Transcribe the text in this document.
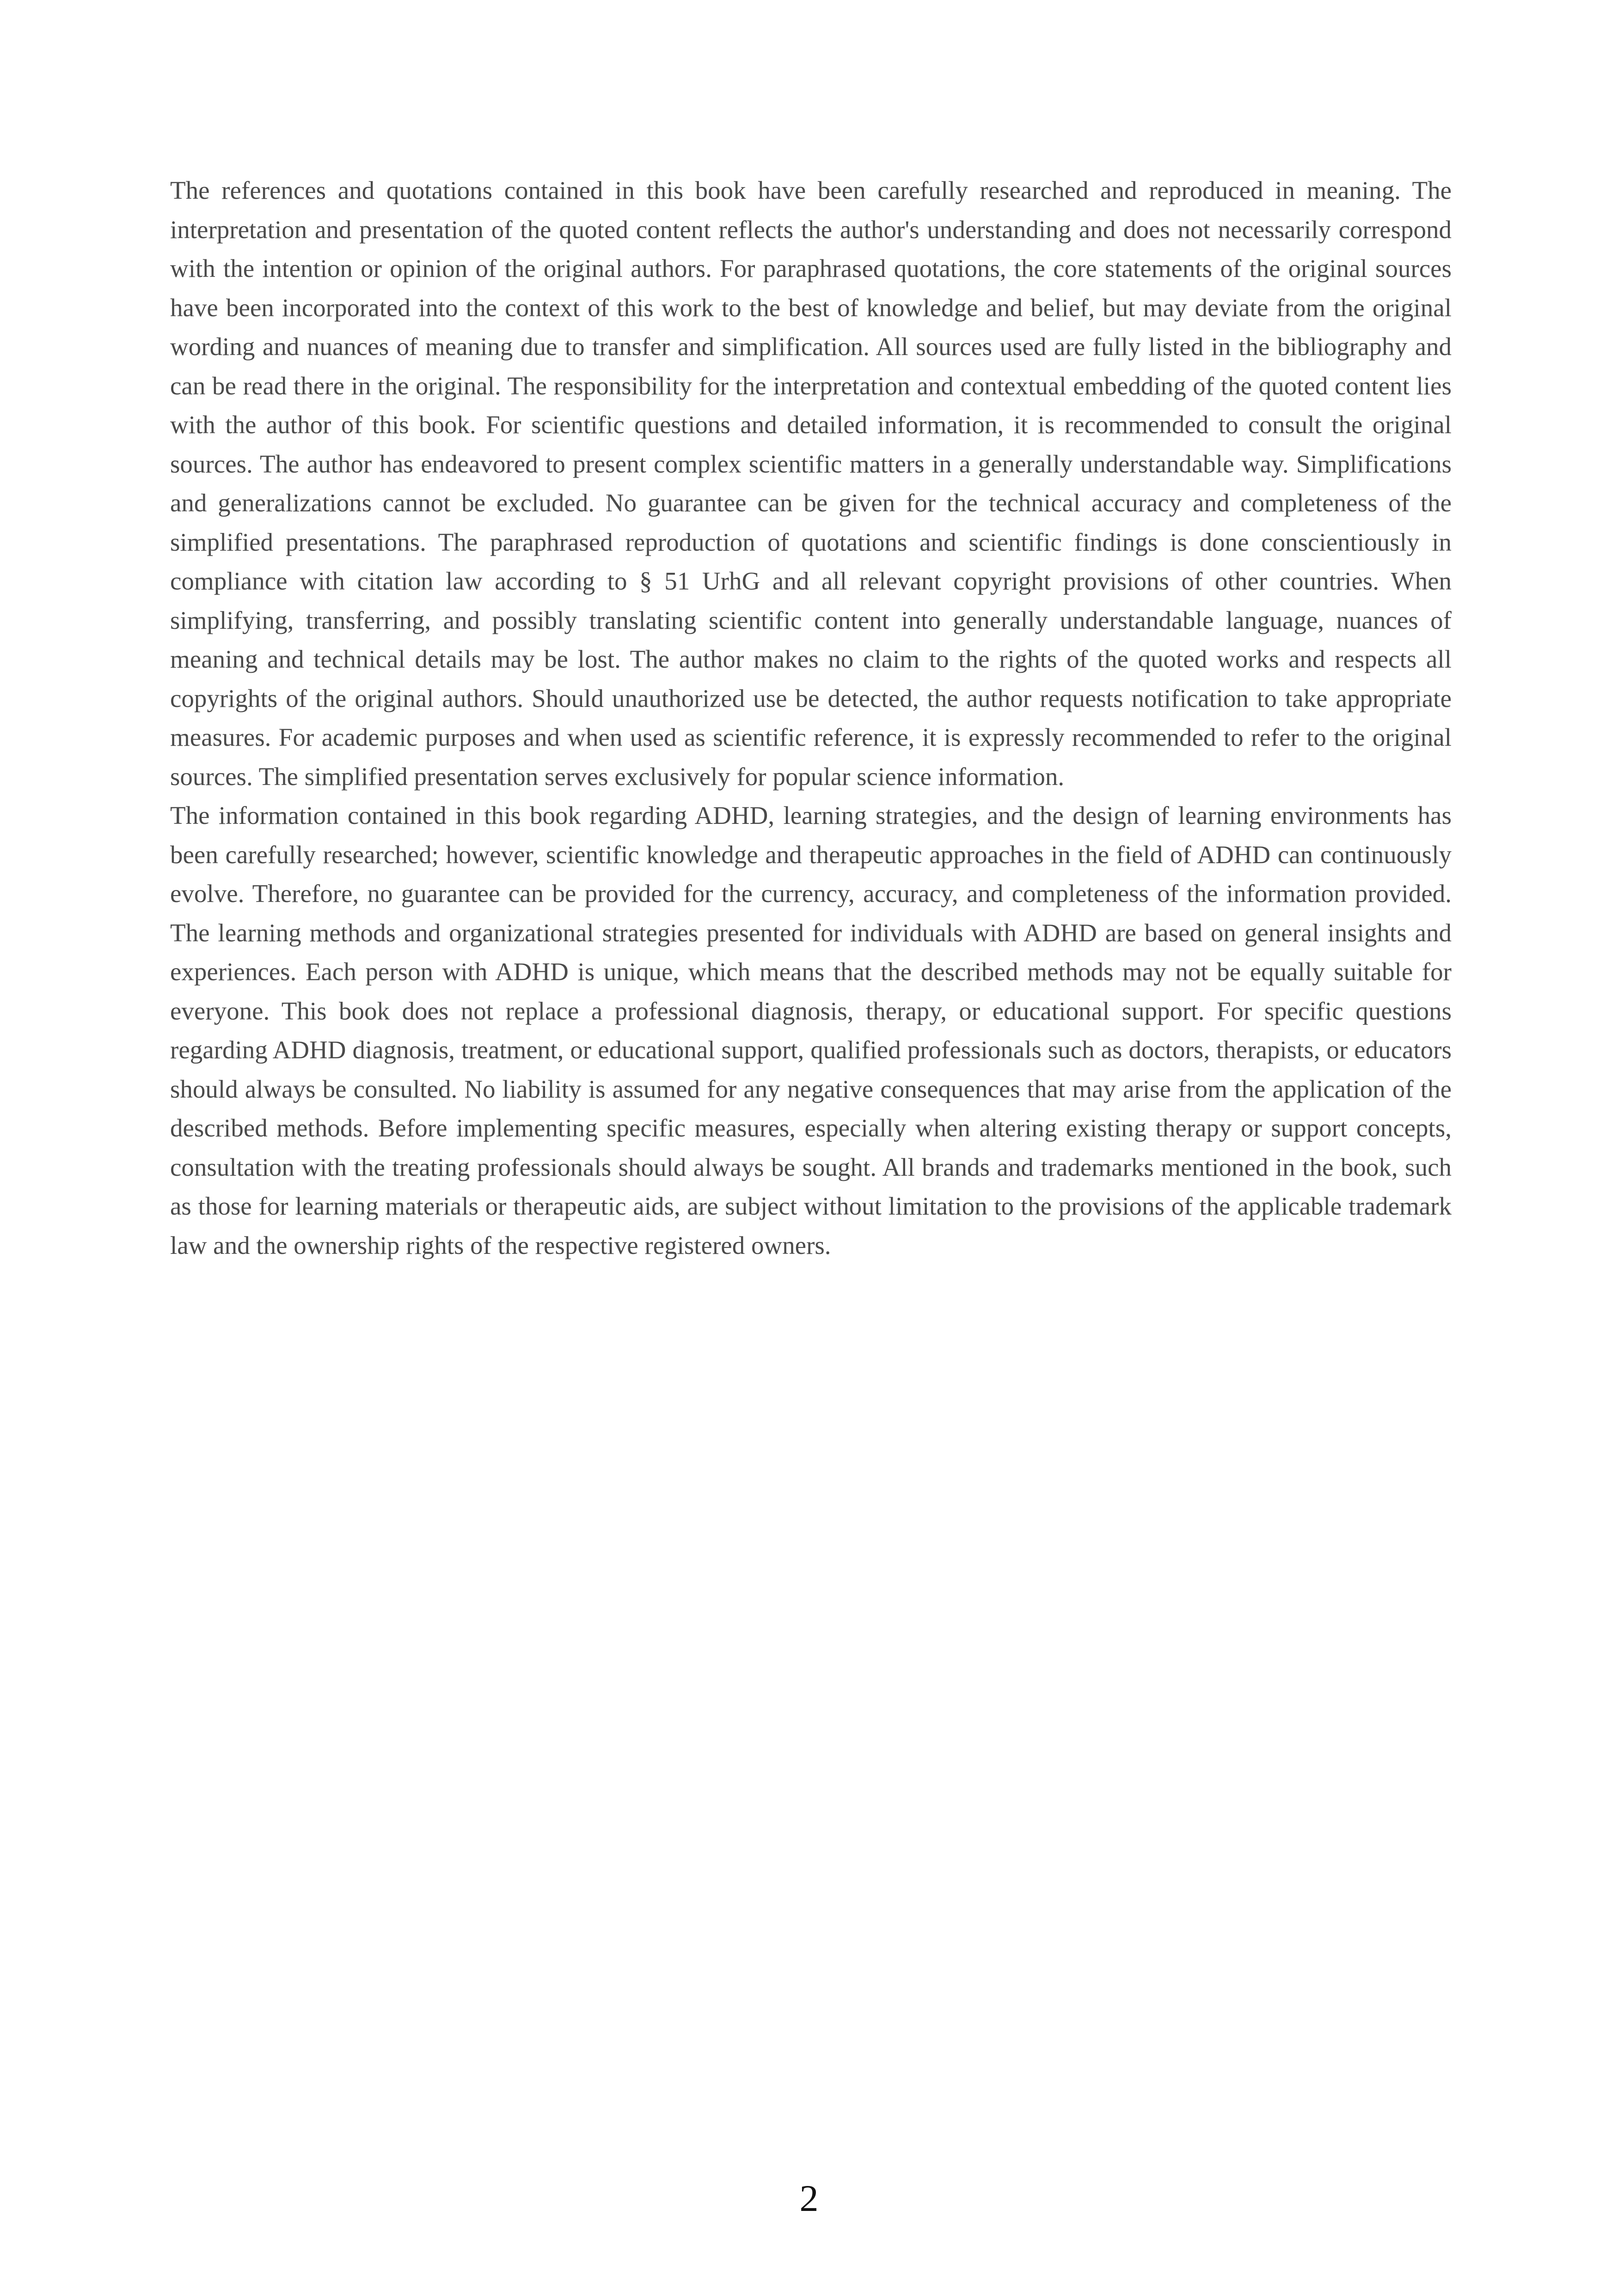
The references and quotations contained in this book have been carefully researched and reproduced in meaning. The interpretation and presentation of the quoted content reflects the author's understanding and does not necessarily correspond with the intention or opinion of the original authors. For paraphrased quotations, the core statements of the original sources have been incorporated into the context of this work to the best of knowledge and belief, but may deviate from the original wording and nuances of meaning due to transfer and simplification. All sources used are fully listed in the bibliography and can be read there in the original. The responsibility for the interpretation and contextual embedding of the quoted content lies with the author of this book. For scientific questions and detailed information, it is recommended to consult the original sources. The author has endeavored to present complex scientific matters in a generally understandable way. Simplifications and generalizations cannot be excluded. No guarantee can be given for the technical accuracy and completeness of the simplified presentations. The paraphrased reproduction of quotations and scientific findings is done conscientiously in compliance with citation law according to § 51 UrhG and all relevant copyright provisions of other countries. When simplifying, transferring, and possibly translating scientific content into generally understandable language, nuances of meaning and technical details may be lost. The author makes no claim to the rights of the quoted works and respects all copyrights of the original authors. Should unauthorized use be detected, the author requests notification to take appropriate measures. For academic purposes and when used as scientific reference, it is expressly recommended to refer to the original sources. The simplified presentation serves exclusively for popular science information.

The information contained in this book regarding ADHD, learning strategies, and the design of learning environments has been carefully researched; however, scientific knowledge and therapeutic approaches in the field of ADHD can continuously evolve. Therefore, no guarantee can be provided for the currency, accuracy, and completeness of the information provided. The learning methods and organizational strategies presented for individuals with ADHD are based on general insights and experiences. Each person with ADHD is unique, which means that the described methods may not be equally suitable for everyone. This book does not replace a professional diagnosis, therapy, or educational support. For specific questions regarding ADHD diagnosis, treatment, or educational support, qualified professionals such as doctors, therapists, or educators should always be consulted. No liability is assumed for any negative consequences that may arise from the application of the described methods. Before implementing specific measures, especially when altering existing therapy or support concepts, consultation with the treating professionals should always be sought. All brands and trademarks mentioned in the book, such as those for learning materials or therapeutic aids, are subject without limitation to the provisions of the applicable trademark law and the ownership rights of the respective registered owners.

2
